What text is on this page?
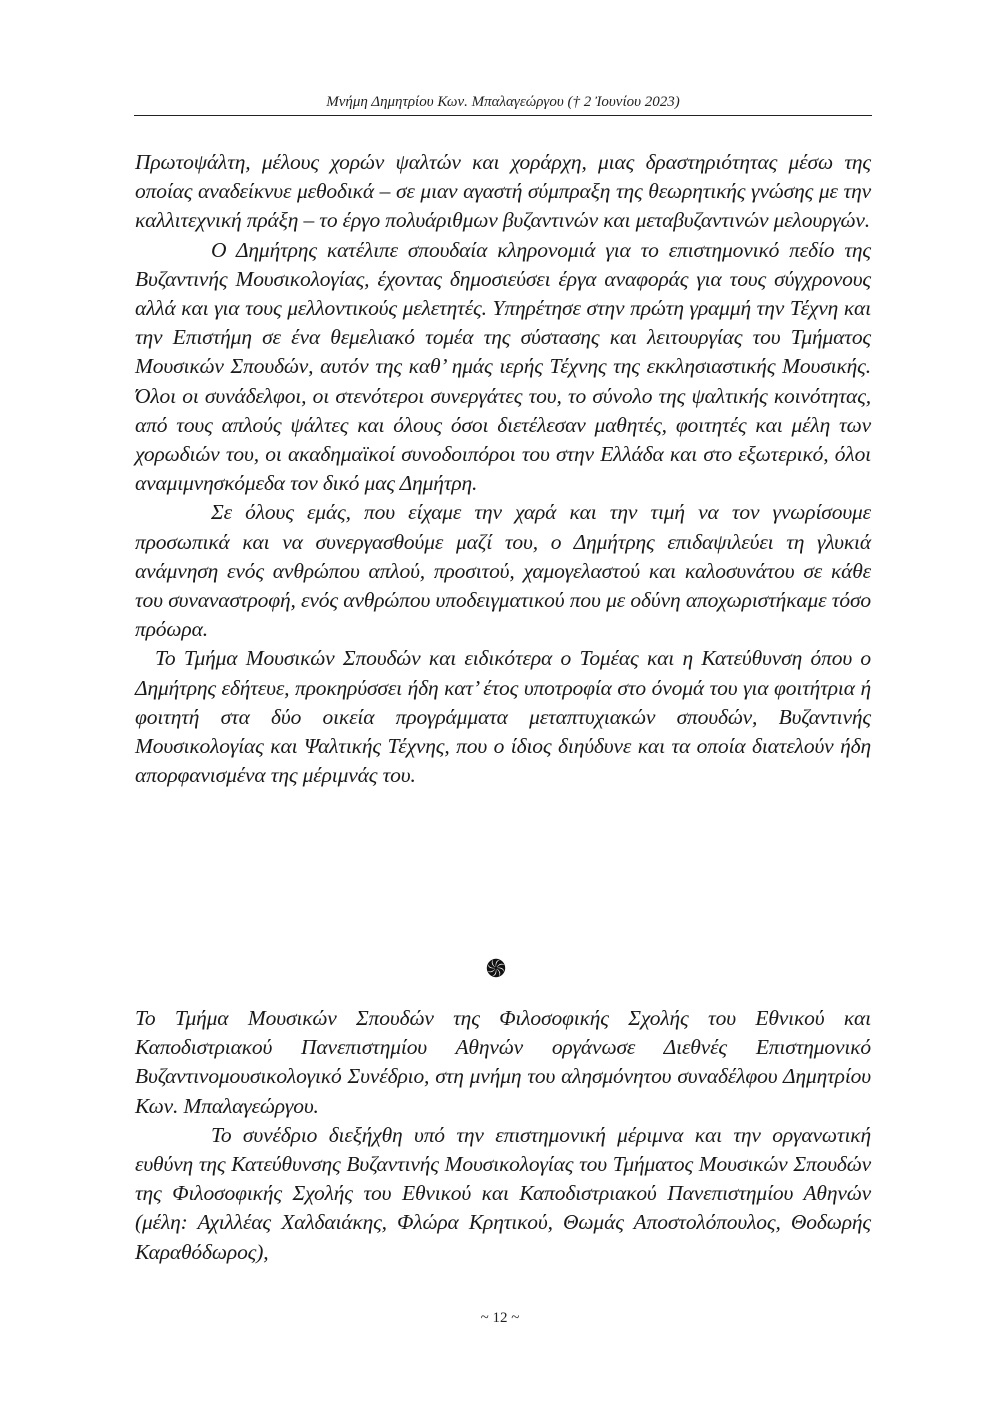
Μνήμη Δημητρίου Κων. Μπαλαγεώργου († 2 Ἰουνίου 2023)

Πρωτοψάλτη, μέλους χορών ψαλτών και χοράρχη, μιας δραστηριότητας μέσω της οποίας αναδείκνυε μεθοδικά – σε μιαν αγαστή σύμπραξη της θεωρητικής γνώσης με την καλλιτεχνική πράξη – το έργο πολυάριθμων βυζαντινών και μεταβυζαντινών μελουργών.

Ο Δημήτρης κατέλιπε σπουδαία κληρονομιά για το επιστημονικό πεδίο της Βυζαντινής Μουσικολογίας, έχοντας δημοσιεύσει έργα αναφοράς για τους σύγχρονους αλλά και για τους μελλοντικούς μελετητές. Υπηρέτησε στην πρώτη γραμμή την Τέχνη και την Επιστήμη σε ένα θεμελιακό τομέα της σύστασης και λειτουργίας του Τμήματος Μουσικών Σπουδών, αυτόν της καθ’ ημάς ιερής Τέχνης της εκκλησιαστικής Μουσικής. Όλοι οι συνάδελφοι, οι στενότεροι συνεργάτες του, το σύνολο της ψαλτικής κοινότητας, από τους απλούς ψάλτες και όλους όσοι διετέλεσαν μαθητές, φοιτητές και μέλη των χορωδιών του, οι ακαδημαϊκοί συνοδοιπόροι του στην Ελλάδα και στο εξωτερικό, όλοι αναμιμνησκόμεδα τον δικό μας Δημήτρη.

Σε όλους εμάς, που είχαμε την χαρά και την τιμή να τον γνωρίσουμε προσωπικά και να συνεργασθούμε μαζί του, ο Δημήτρης επιδαψιλεύει τη γλυκιά ανάμνηση ενός ανθρώπου απλού, προσιτού, χαμογελαστού και καλοσυνάτου σε κάθε του συναναστροφή, ενός ανθρώπου υποδειγματικού που με οδύνη αποχωριστήκαμε τόσο πρόωρα.

Το Τμήμα Μουσικών Σπουδών και ειδικότερα ο Τομέας και η Κατεύθυνση όπου ο Δημήτρης εδήτευε, προκηρύσσει ήδη κατ’ έτος υποτροφία στο όνομά του για φοιτήτρια ή φοιτητή στα δύο οικεία προγράμματα μεταπτυχιακών σπουδών, Βυζαντινής Μουσικολογίας και Ψαλτικής Τέχνης, που ο ίδιος διηύδυνε και τα οποία διατελούν ήδη απορφανισμένα της μέριμνάς του.

Το Τμήμα Μουσικών Σπουδών της Φιλοσοφικής Σχολής του Εθνικού και Καποδιστριακού Πανεπιστημίου Αθηνών οργάνωσε Διεθνές Επιστημονικό Βυζαντινομουσικολογικό Συνέδριο, στη μνήμη του αλησμόνητου συναδέλφου Δημητρίου Κων. Μπαλαγεώργου.

Το συνέδριο διεξήχθη υπό την επιστημονική μέριμνα και την οργανωτική ευθύνη της Κατεύθυνσης Βυζαντινής Μουσικολογίας του Τμήματος Μουσικών Σπουδών της Φιλοσοφικής Σχολής του Εθνικού και Καποδιστριακού Πανεπιστημίου Αθηνών (μέλη: Αχιλλέας Χαλδαιάκης, Φλώρα Κρητικού, Θωμάς Αποστολόπουλος, Θοδωρής Καραθόδωρος),

~ 12 ~
